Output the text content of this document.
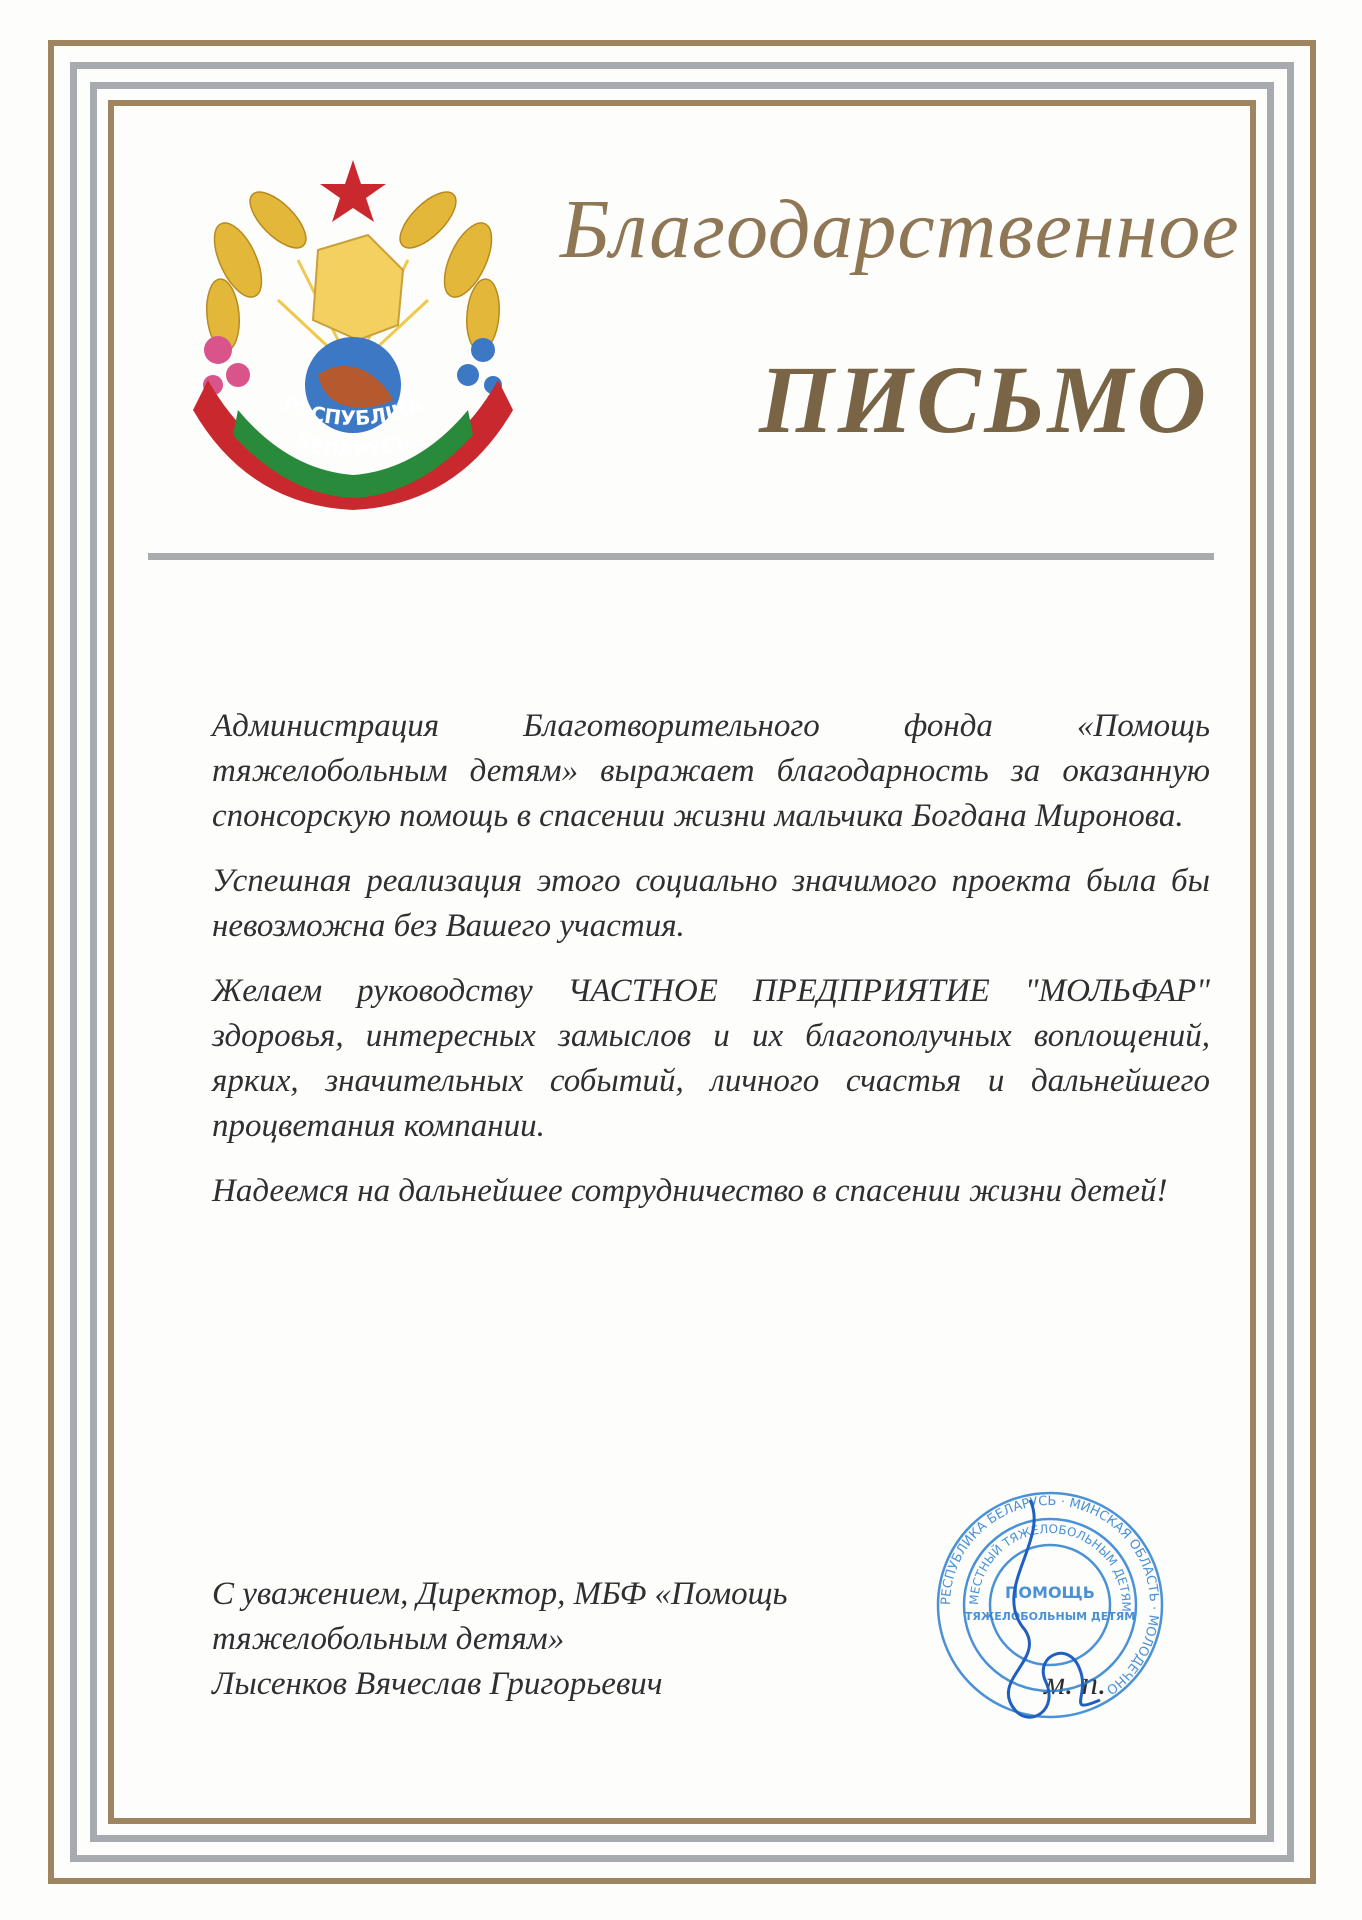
РЭСПУБЛІКА
БЕЛАРУСЬ
Благодарственное
ПИСЬМО

Администрация Благотворительного фонда «Помощь тяжелобольным детям» выражает благодарность за оказанную спонсорскую помощь в спасении жизни мальчика Богдана Миронова.

Успешная реализация этого социально значимого проекта была бы невозможна без Вашего участия.

Желаем руководству ЧАСТНОЕ ПРЕДПРИЯТИЕ "МОЛЬФАР" здоровья, интересных замыслов и их благополучных воплощений, ярких, значительных событий, личного счастья и дальнейшего процветания компании.

Надеемся на дальнейшее сотрудничество в спасении жизни детей!

С уважением, Директор, МБФ «Помощь
тяжелобольным детям»
Лысенков Вячеслав Григорьевич	м. п.
РЕСПУБЛИКА БЕЛАРУСЬ · МИНСКАЯ ОБЛАСТЬ · МОЛОДЕЧНО
МЕСТНЫЙ ТЯЖЕЛОБОЛЬНЫМ ДЕТЯМ
ПОМОЩЬ
ТЯЖЕЛОБОЛЬНЫМ ДЕТЯМ
